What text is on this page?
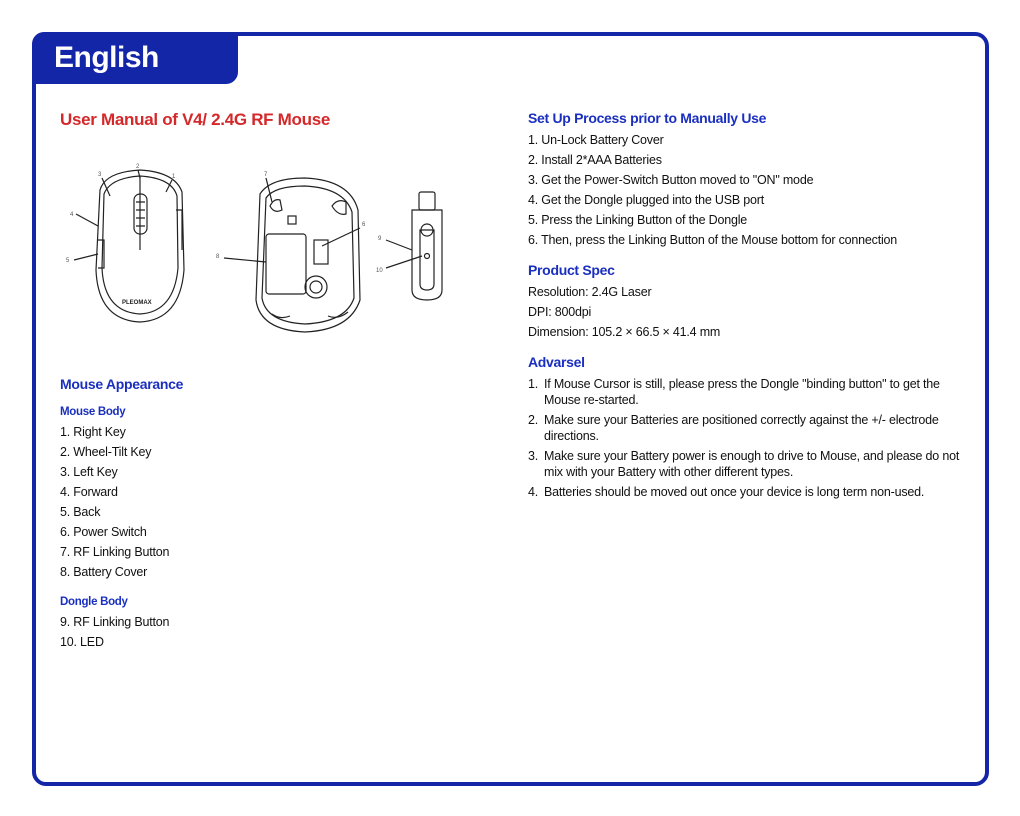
English
User Manual of V4/ 2.4G RF Mouse
PLEOMAX
1
2
3
4
5
6
7
8
9
10
Mouse Appearance
Mouse Body
1. Right Key
2. Wheel-Tilt Key
3. Left Key
4. Forward
5. Back
6. Power Switch
7. RF Linking Button
8. Battery Cover
Dongle Body
9. RF Linking Button
10. LED
Set Up Process prior to Manually Use
1. Un-Lock Battery Cover
2. Install 2*AAA Batteries
3. Get the Power-Switch Button moved to "ON" mode
4. Get the Dongle plugged into the USB port
5. Press the Linking Button of the Dongle
6. Then, press the Linking Button of the Mouse bottom for connection
Product Spec
Resolution: 2.4G Laser
DPI: 800dpi
Dimension: 105.2 × 66.5 × 41.4 mm
Advarsel
1. If Mouse Cursor is still, please press the Dongle "binding button" to get the Mouse re-started.
2. Make sure your Batteries are positioned correctly against the +/- electrode directions.
3. Make sure your Battery power is enough to drive to Mouse, and please do not mix with your Battery with other different types.
4. Batteries should be moved out once your device is long term non-used.
